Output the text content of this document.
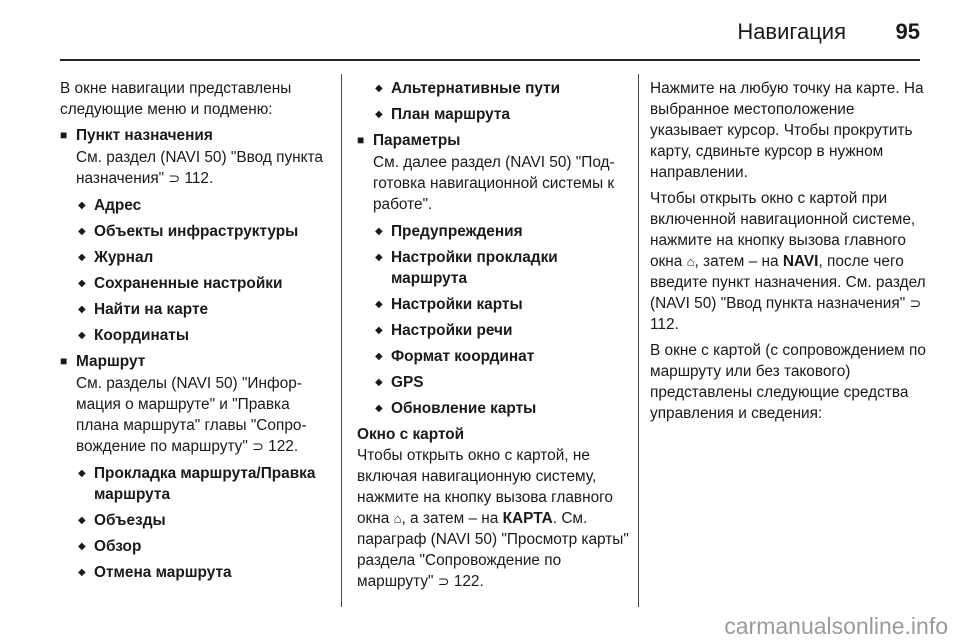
Навигация 95

В окне навигации представлены следующие меню и подменю:

■ Пункт назначения

См. раздел (NAVI 50) "Ввод пункта назначения" ⊃ 112.

◆ Адрес
◆ Объекты инфраструктуры
◆ Журнал
◆ Сохраненные настройки
◆ Найти на карте
◆ Координаты
■ Маршрут

См. разделы (NAVI 50) "Информация о маршруте" и "Правка плана маршрута" главы "Сопровождение по маршруту" ⊃ 122.

◆ Прокладка маршрута/Правка маршрута
◆ Объезды
◆ Обзор
◆ Отмена маршрута
◆ Альтернативные пути
◆ План маршрута
■ Параметры

См. далее раздел (NAVI 50) "Подготовка навигационной системы к работе".

◆ Предупреждения
◆ Настройки прокладки маршрута
◆ Настройки карты
◆ Настройки речи
◆ Формат координат
◆ GPS
◆ Обновление карты
Окно с картой

Чтобы открыть окно с картой, не включая навигационную систему, нажмите на кнопку вызова главного окна ⌂, а затем – на КАРТА. См. параграф (NAVI 50) "Просмотр карты" раздела "Сопровождение по маршруту" ⊃ 122.

Нажмите на любую точку на карте. На выбранное местоположение указывает курсор. Чтобы прокрутить карту, сдвиньте курсор в нужном направлении.

Чтобы открыть окно с картой при включенной навигационной системе, нажмите на кнопку вызова главного окна ⌂, затем – на NAVI, после чего введите пункт назначения. См. раздел (NAVI 50) "Ввод пункта назначения" ⊃ 112.

В окне с картой (с сопровождением по маршруту или без такового) представлены следующие средства управления и сведения:

carmanualsonline.info
